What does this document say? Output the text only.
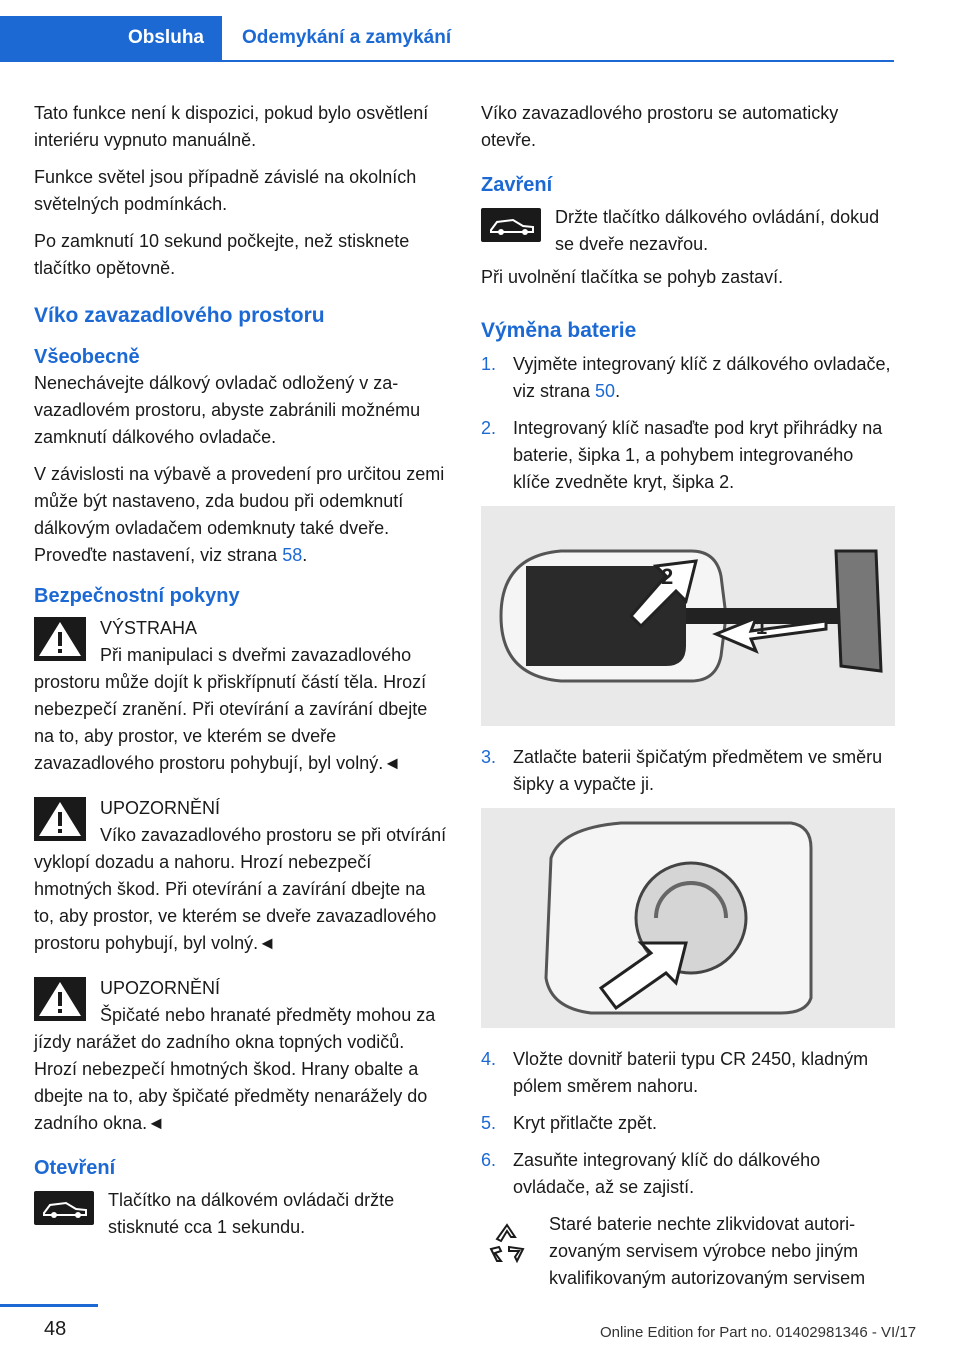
Obsluha	Odemykání a zamykání

Tato funkce není k dispozici, pokud bylo osvětlení interiéru vypnuto manuálně.

Funkce světel jsou případně závislé na okolních světelných podmínkách.

Po zamknutí 10 sekund počkejte, než stisknete tlačítko opětovně.

Víko zavazadlového prostoru
Všeobecně

Nenechávejte dálkový ovladač odložený v zavazadlovém prostoru, abyste zabránili možnému zamknutí dálkového ovladače.

V závislosti na výbavě a provedení pro určitou zemi může být nastaveno, zda budou při odemknutí dálkovým ovladačem odemknuty také dveře. Proveďte nastavení, viz strana 58.

Bezpečnostní pokyny
VÝSTRAHA

Při manipulaci s dveřmi zavazadlového prostoru může dojít k přiskřípnutí částí těla. Hrozí nebezpečí zranění. Při otevírání a zavírání dbejte na to, aby prostor, ve kterém se dveře zavazadlového prostoru pohybují, byl volný.◄

UPOZORNĚNÍ

Víko zavazadlového prostoru se při otvírání vyklopí dozadu a nahoru. Hrozí nebezpečí hmotných škod. Při otevírání a zavírání dbejte na to, aby prostor, ve kterém se dveře zavazadlového prostoru pohybují, byl volný.◄

UPOZORNĚNÍ

Špičaté nebo hranaté předměty mohou za jízdy narážet do zadního okna topných vodičů. Hrozí nebezpečí hmotných škod. Hrany obalte a dbejte na to, aby špičaté předměty nenarážely do zadního okna.◄

Otevření
Tlačítko na dálkovém ovládači držte stisknuté cca 1 sekundu.

Víko zavazadlového prostoru se automaticky otevře.

Zavření
Držte tlačítko dálkového ovládání, dokud se dveře nezavřou.

Při uvolnění tlačítka se pohyb zastaví.

Výměna baterie
1. Vyjměte integrovaný klíč z dálkového ovladače, viz strana 50.
2. Integrovaný klíč nasaďte pod kryt přihrádky na baterie, šipka 1, a pohybem integrovaného klíče zvedněte kryt, šipka 2.
2
1
3. Zatlačte baterii špičatým předmětem ve směru šipky a vypačte ji.
4. Vložte dovnitř baterii typu CR 2450, kladným pólem směrem nahoru.
5. Kryt přitlačte zpět.
6. Zasuňte integrovaný klíč do dálkového ovládače, až se zajistí.
Staré baterie nechte zlikvidovat autorizovaným servisem výrobce nebo jiným kvalifikovaným autorizovaným servisem
48	Online Edition for Part no. 01402981346 - VI/17
